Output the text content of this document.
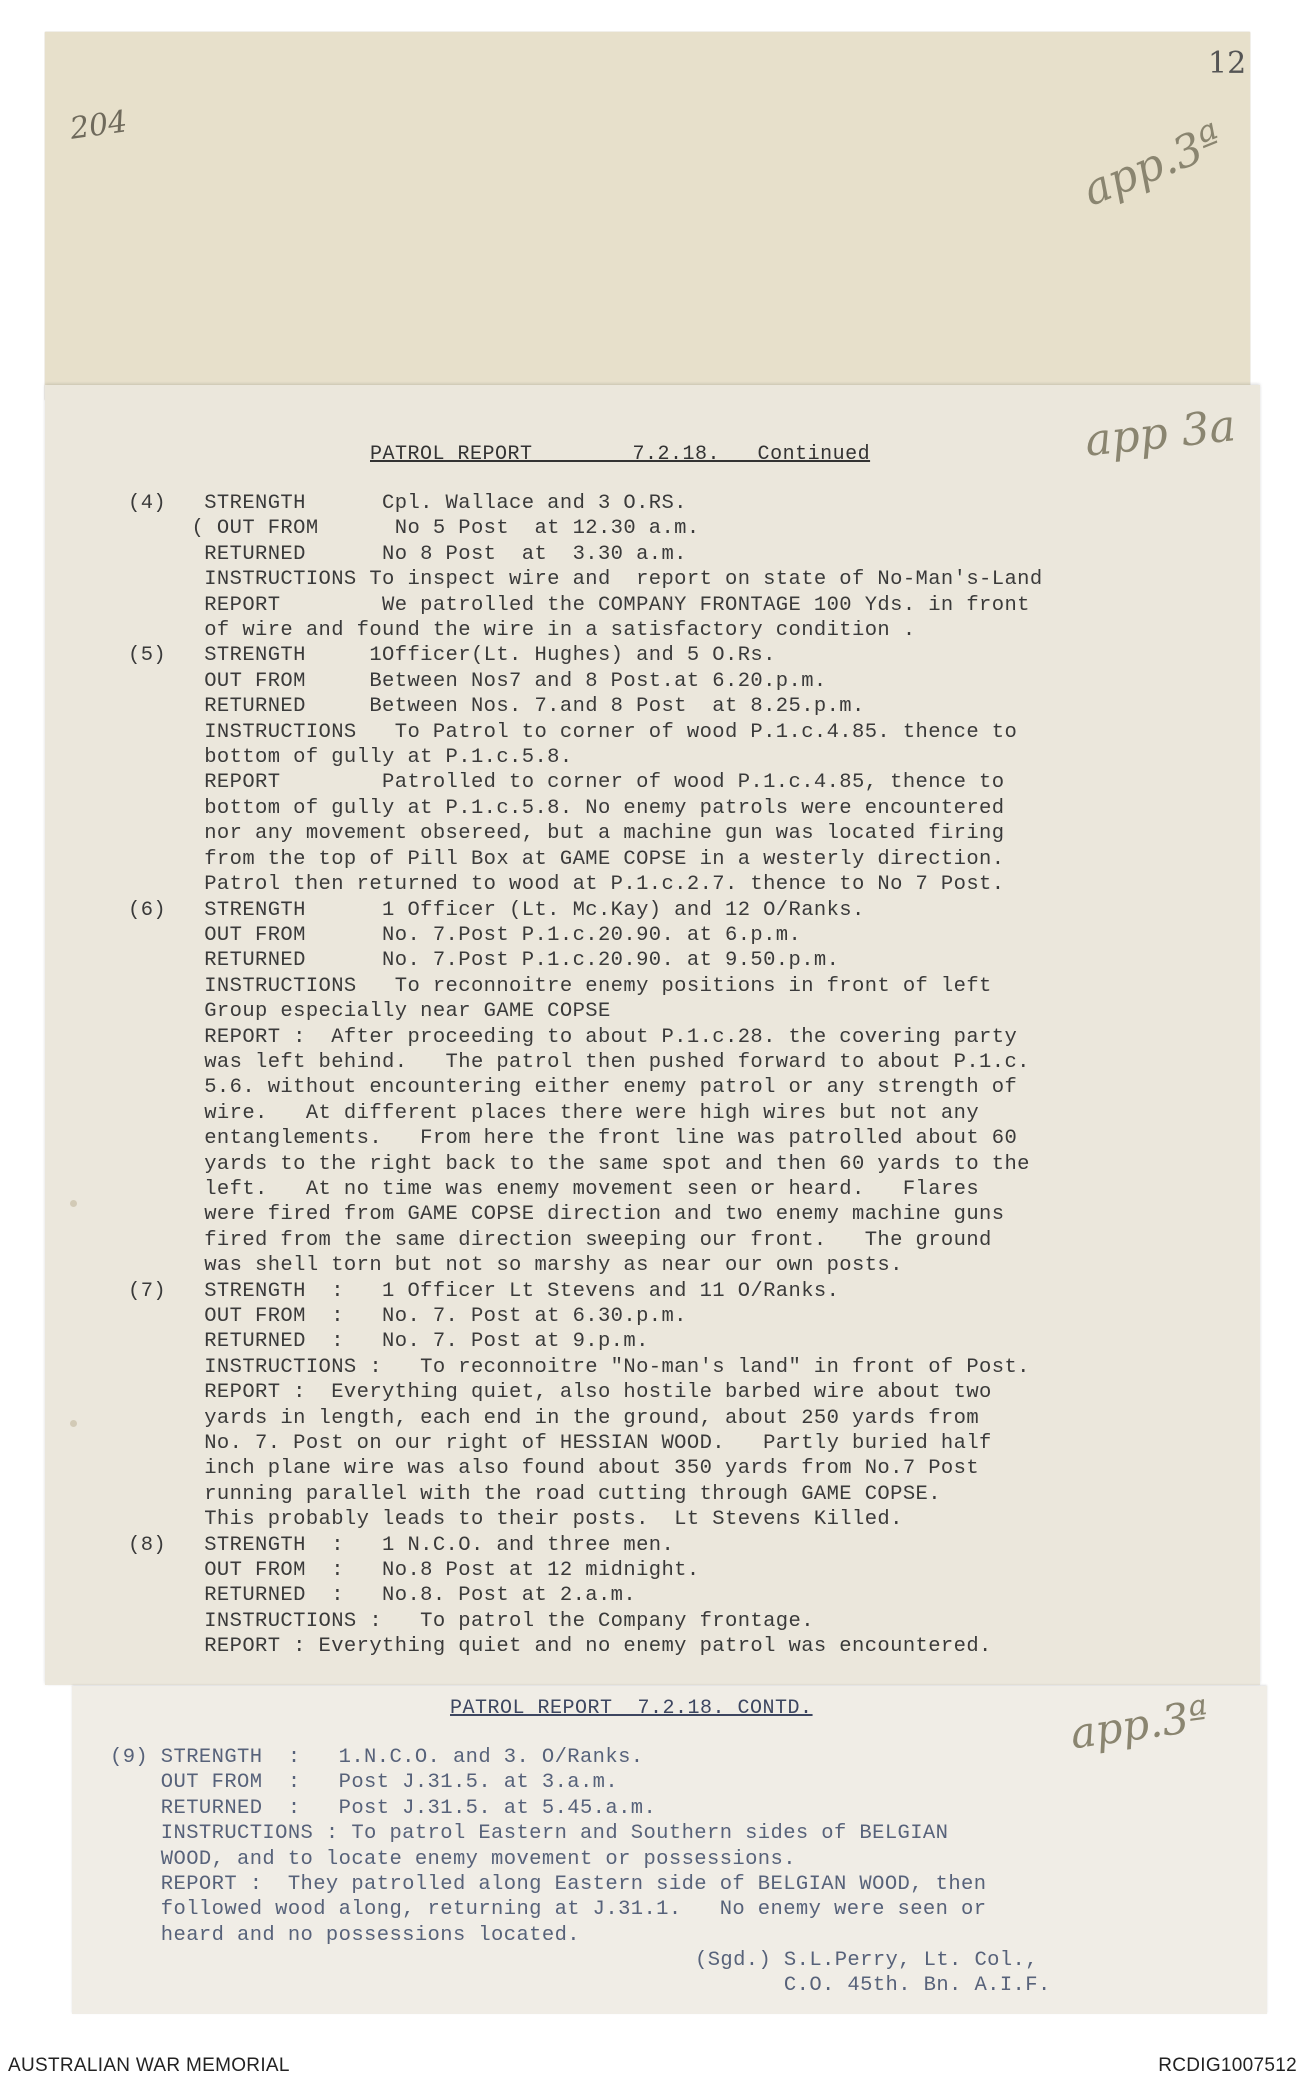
204
12
app.3ª
app 3a
app.3ª
PATROL REPORT        7.2.18.   Continued
(4)   STRENGTH      Cpl. Wallace and 3 O.RS.
( OUT FROM      No 5 Post  at 12.30 a.m.
RETURNED      No 8 Post  at  3.30 a.m.
INSTRUCTIONS To inspect wire and  report on state of No-Man's-Land
REPORT        We patrolled the COMPANY FRONTAGE 100 Yds. in front
of wire and found the wire in a satisfactory condition .
(5)   STRENGTH     1Officer(Lt. Hughes) and 5 O.Rs.
OUT FROM     Between Nos7 and 8 Post.at 6.20.p.m.
RETURNED     Between Nos. 7.and 8 Post  at 8.25.p.m.
INSTRUCTIONS   To Patrol to corner of wood P.1.c.4.85. thence to
bottom of gully at P.1.c.5.8.
REPORT        Patrolled to corner of wood P.1.c.4.85, thence to
bottom of gully at P.1.c.5.8. No enemy patrols were encountered
nor any movement obsereed, but a machine gun was located firing
from the top of Pill Box at GAME COPSE in a westerly direction.
Patrol then returned to wood at P.1.c.2.7. thence to No 7 Post.
(6)   STRENGTH      1 Officer (Lt. Mc.Kay) and 12 O/Ranks.
OUT FROM      No. 7.Post P.1.c.20.90. at 6.p.m.
RETURNED      No. 7.Post P.1.c.20.90. at 9.50.p.m.
INSTRUCTIONS   To reconnoitre enemy positions in front of left
Group especially near GAME COPSE
REPORT :  After proceeding to about P.1.c.28. the covering party
was left behind.   The patrol then pushed forward to about P.1.c.
5.6. without encountering either enemy patrol or any strength of
wire.   At different places there were high wires but not any
entanglements.   From here the front line was patrolled about 60
yards to the right back to the same spot and then 60 yards to the
left.   At no time was enemy movement seen or heard.   Flares
were fired from GAME COPSE direction and two enemy machine guns
fired from the same direction sweeping our front.   The ground
was shell torn but not so marshy as near our own posts.
(7)   STRENGTH  :   1 Officer Lt Stevens and 11 O/Ranks.
OUT FROM  :   No. 7. Post at 6.30.p.m.
RETURNED  :   No. 7. Post at 9.p.m.
INSTRUCTIONS :   To reconnoitre "No-man's land" in front of Post.
REPORT :  Everything quiet, also hostile barbed wire about two
yards in length, each end in the ground, about 250 yards from
No. 7. Post on our right of HESSIAN WOOD.   Partly buried half
inch plane wire was also found about 350 yards from No.7 Post
running parallel with the road cutting through GAME COPSE.
This probably leads to their posts.  Lt Stevens Killed.
(8)   STRENGTH  :   1 N.C.O. and three men.
OUT FROM  :   No.8 Post at 12 midnight.
RETURNED  :   No.8. Post at 2.a.m.
INSTRUCTIONS :   To patrol the Company frontage.
REPORT : Everything quiet and no enemy patrol was encountered.
PATROL REPORT  7.2.18. CONTD.
(9) STRENGTH  :   1.N.C.O. and 3. O/Ranks.
OUT FROM  :   Post J.31.5. at 3.a.m.
RETURNED  :   Post J.31.5. at 5.45.a.m.
INSTRUCTIONS : To patrol Eastern and Southern sides of BELGIAN
WOOD, and to locate enemy movement or possessions.
REPORT :  They patrolled along Eastern side of BELGIAN WOOD, then
followed wood along, returning at J.31.1.   No enemy were seen or
heard and no possessions located.
(Sgd.) S.L.Perry, Lt. Col.,
C.O. 45th. Bn. A.I.F.
AUSTRALIAN WAR MEMORIAL	RCDIG1007512
